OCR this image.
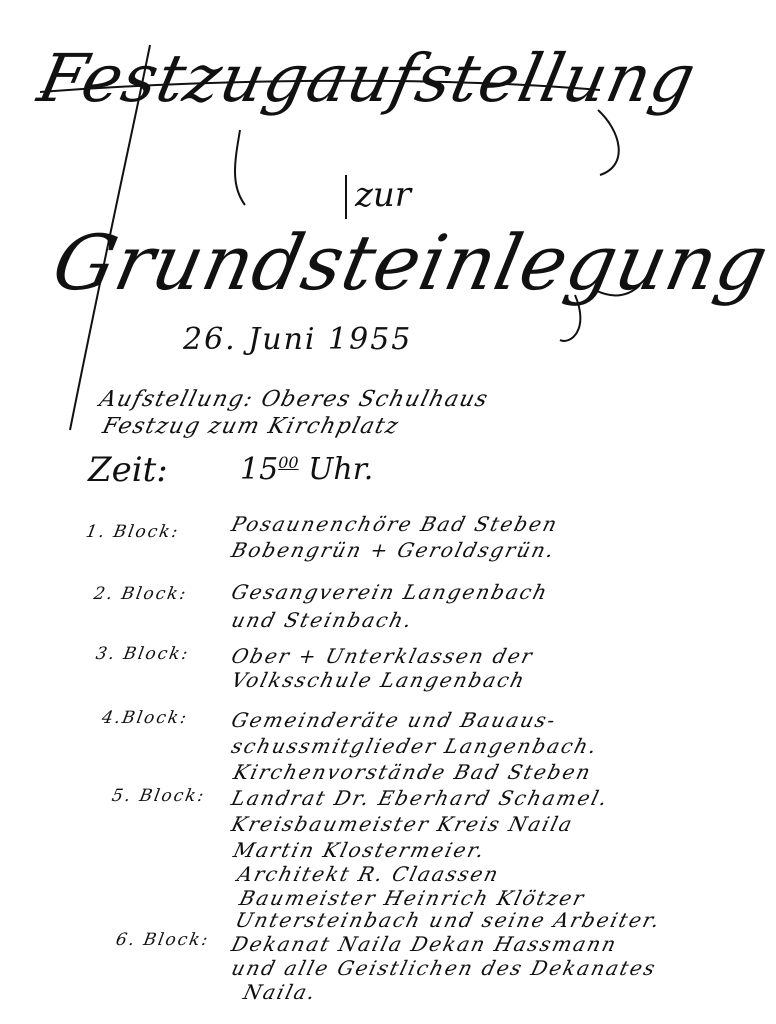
Festzugaufstellung
zur
Grundsteinlegung
26. Juni 1955
Aufstellung: Oberes Schulhaus
Festzug zum Kirchplatz
Zeit: $15^{00}$ Uhr.
1. Block: Posaunenchöre Bad Steben
Bobengrün + Geroldsgrün.
2. Block: Gesangverein Langenbach
und Steinbach.
3. Block: Ober + Unterklassen der
Volksschule Langenbach
4.Block: Gemeinderäte und Bauaus-
schussmitglieder Langenbach.
Kirchenvorstände Bad Steben
5. Block: Landrat Dr. Eberhard Schamel.
Kreisbaumeister Kreis Naila
Martin Klostermeier.
Architekt R. Claassen
Baumeister Heinrich Klötzer
Untersteinbach und seine Arbeiter.
6. Block: Dekanat Naila Dekan Hassmann
und alle Geistlichen des Dekanates
Naila.
